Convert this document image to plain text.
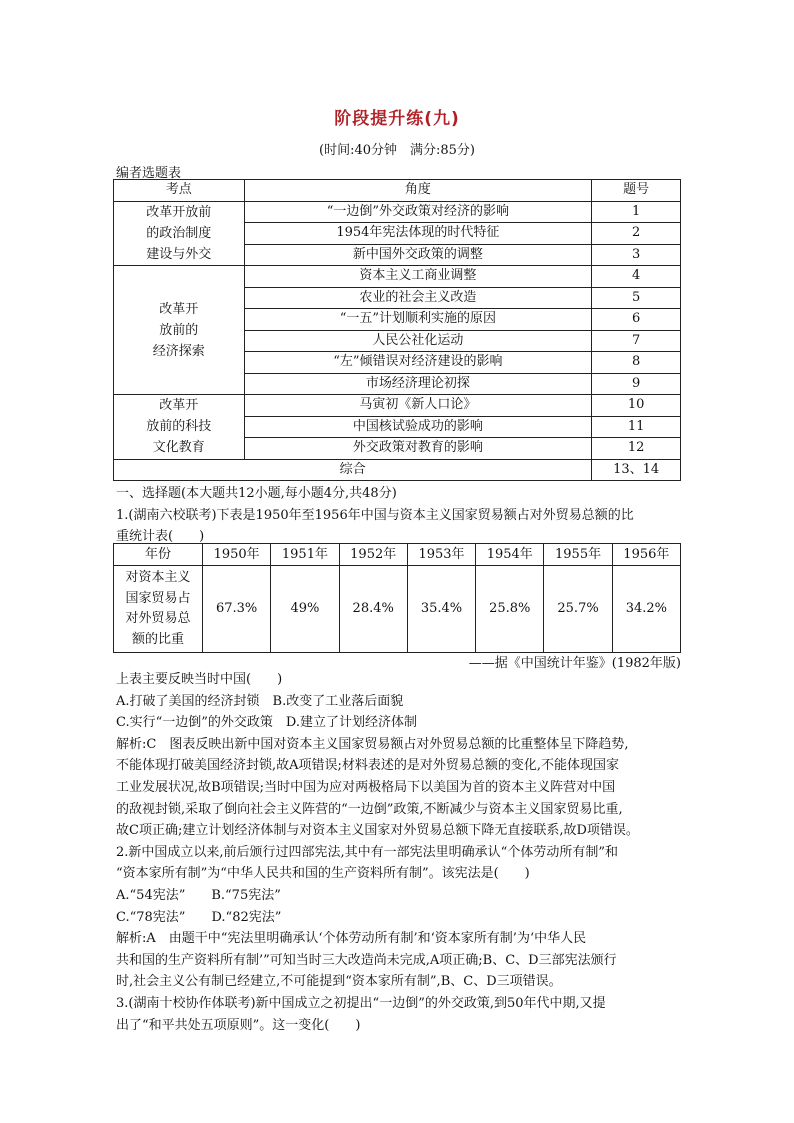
阶段提升练(九)
(时间:40分钟　满分:85分)
编者选题表
考点	角度	题号
改革开放前
的政治制度
建设与外交	“一边倒”外交政策对经济的影响	1
	1954年宪法体现的时代特征	2
	新中国外交政策的调整	3
改革开
放前的
经济探索	资本主义工商业调整	4
	农业的社会主义改造	5
	“一五”计划顺利实施的原因	6
	人民公社化运动	7
	“左”倾错误对经济建设的影响	8
	市场经济理论初探	9
改革开
放前的科技
文化教育	马寅初《新人口论》	10
	中国核试验成功的影响	11
	外交政策对教育的影响	12
综合		13、14
年份	1950年	1951年	1952年	1953年	1954年	1955年	1956年
对资本主义
国家贸易占
对外贸易总
额的比重	67.3%	49%	28.4%	35.4%	25.8%	25.7%	34.2%
——据《中国统计年鉴》(1982年版)
一、选择题(本大题共12小题,每小题4分,共48分)
1.(湖南六校联考)下表是1950年至1956年中国与资本主义国家贸易额占对外贸易总额的比
重统计表(　　)
上表主要反映当时中国(　　)
A.打破了美国的经济封锁　B.改变了工业落后面貌
C.实行“一边倒”的外交政策　D.建立了计划经济体制
解析:C　图表反映出新中国对资本主义国家贸易额占对外贸易总额的比重整体呈下降趋势,
不能体现打破美国经济封锁,故A项错误;材料表述的是对外贸易总额的变化,不能体现国家
工业发展状况,故B项错误;当时中国为应对两极格局下以美国为首的资本主义阵营对中国
的敌视封锁,采取了倒向社会主义阵营的“一边倒”政策,不断减少与资本主义国家贸易比重,
故C项正确;建立计划经济体制与对资本主义国家对外贸易总额下降无直接联系,故D项错误。
2.新中国成立以来,前后颁行过四部宪法,其中有一部宪法里明确承认“个体劳动所有制”和
“资本家所有制”为“中华人民共和国的生产资料所有制”。该宪法是(　　)
A.“54宪法”　　B.“75宪法”
C.“78宪法”　　D.“82宪法”
解析:A　由题干中“宪法里明确承认‘个体劳动所有制’和‘资本家所有制’为‘中华人民
共和国的生产资料所有制’”可知当时三大改造尚未完成,A项正确;B、C、D三部宪法颁行
时,社会主义公有制已经建立,不可能提到“资本家所有制”,B、C、D三项错误。
3.(湖南十校协作体联考)新中国成立之初提出“一边倒”的外交政策,到50年代中期,又提
出了“和平共处五项原则”。这一变化(　　)
